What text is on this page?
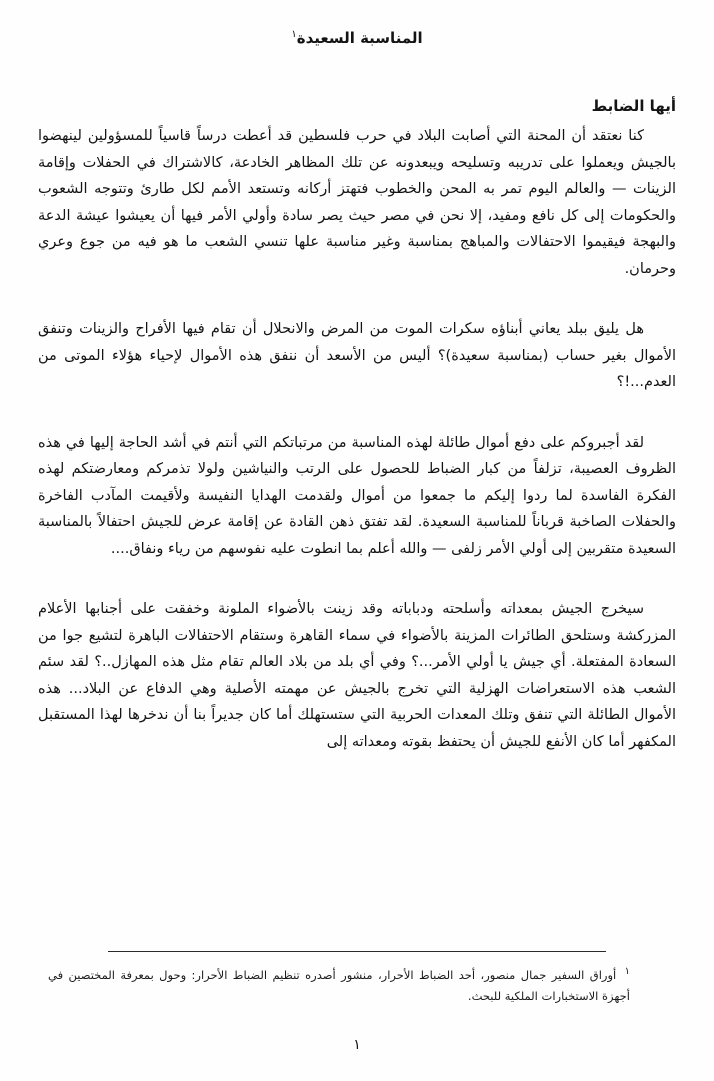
المناسبة السعيدة$^١$
أيها الضابط

كنا نعتقد أن المحنة التي أصابت البلاد في حرب فلسطين قد أعطت درساً قاسياً للمسؤولين لينهضوا بالجيش ويعملوا على تدريبه وتسليحه ويبعدونه عن تلك المظاهر الخادعة، كالاشتراك في الحفلات وإقامة الزينات — والعالم اليوم تمر به المحن والخطوب فتهتز أركانه وتستعد الأمم لكل طارئ وتتوجه الشعوب والحكومات إلى كل نافع ومفيد، إلا نحن في مصر حيث يصر سادة وأولي الأمر فيها أن يعيشوا عيشة الدعة والبهجة فيقيموا الاحتفالات والمباهج بمناسبة وغير مناسبة علها تنسي الشعب ما هو فيه من جوع وعري وحرمان.

هل يليق ببلد يعاني أبناؤه سكرات الموت من المرض والانحلال أن تقام فيها الأفراح والزينات وتنفق الأموال بغير حساب (بمناسبة سعيدة)؟ أليس من الأسعد أن ننفق هذه الأموال لإحياء هؤلاء الموتى من العدم...!؟

لقد أجبروكم على دفع أموال طائلة لهذه المناسبة من مرتباتكم التي أنتم في أشد الحاجة إليها في هذه الظروف العصيبة، تزلفاً من كبار الضباط للحصول على الرتب والنياشين ولولا تذمركم ومعارضتكم لهذه الفكرة الفاسدة لما ردوا إليكم ما جمعوا من أموال ولقدمت الهدايا النفيسة ولأقيمت المآدب الفاخرة والحفلات الصاخبة قرباناً للمناسبة السعيدة. لقد تفتق ذهن القادة عن إقامة عرض للجيش احتفالاً بالمناسبة السعيدة متقربين إلى أولي الأمر زلفى — والله أعلم بما انطوت عليه نفوسهم من رياء ونفاق....

سيخرج الجيش بمعداته وأسلحته ودباباته وقد زينت بالأضواء الملونة وخفقت على أجنابها الأعلام المزركشة وستلحق الطائرات المزينة بالأضواء في سماء القاهرة وستقام الاحتفالات الباهرة لتشيع جوا من السعادة المفتعلة. أي جيش يا أولي الأمر...؟ وفي أي بلد من بلاد العالم تقام مثل هذه المهازل..؟ لقد سئم الشعب هذه الاستعراضات الهزلية التي تخرج بالجيش عن مهمته الأصلية وهي الدفاع عن البلاد... هذه الأموال الطائلة التي تنفق وتلك المعدات الحربية التي ستستهلك أما كان جديراً بنا أن ندخرها لهذا المستقبل المكفهر أما كان الأنفع للجيش أن يحتفظ بقوته ومعداته إلى

١ أوراق السفير جمال منصور، أحد الضباط الأحرار، منشور أصدره تنظيم الضباط الأحرار: وحول بمعرفة المختصين في أجهزة الاستخبارات الملكية للبحث.

١
